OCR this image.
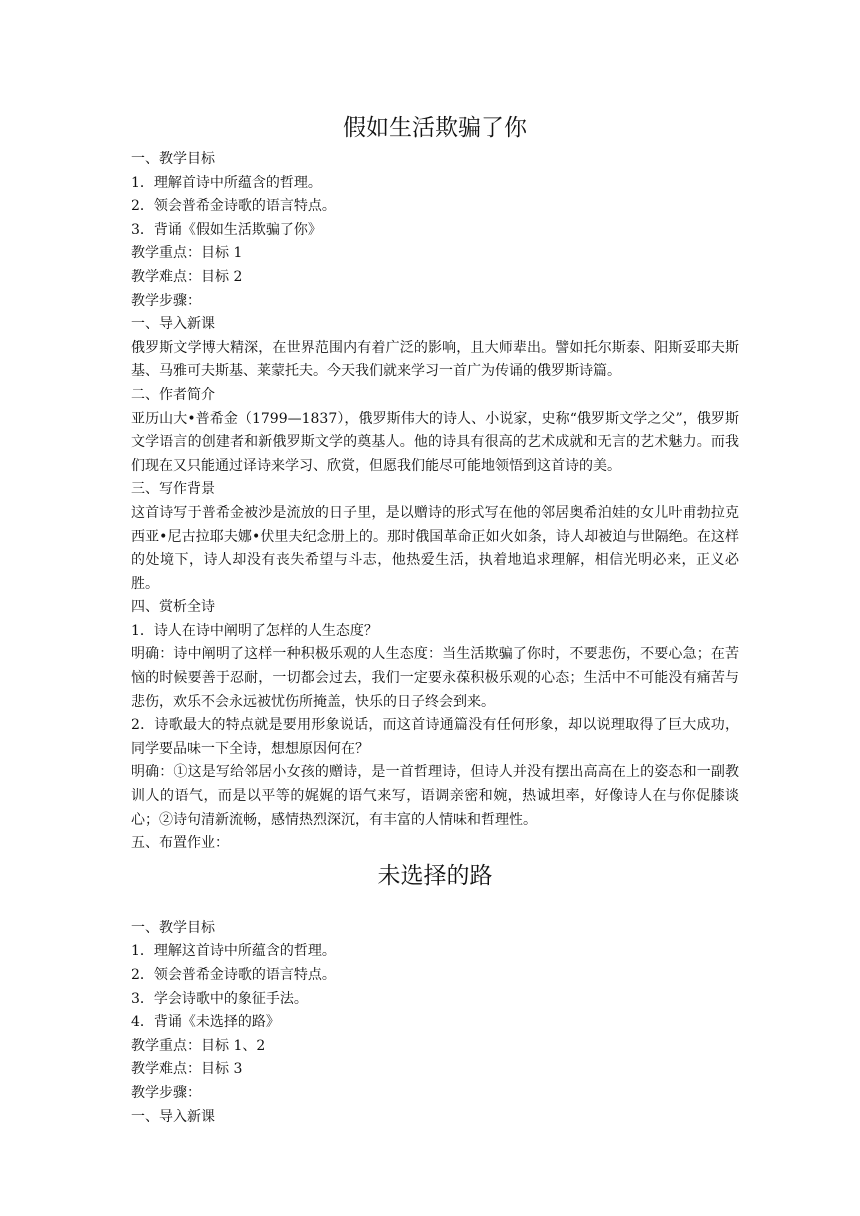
假如生活欺骗了你
一、教学目标
1．理解首诗中所蕴含的哲理。
2．领会普希金诗歌的语言特点。
3．背诵《假如生活欺骗了你》
教学重点：目标 1
教学难点：目标 2
教学步骤：
一、导入新课

俄罗斯文学博大精深，在世界范围内有着广泛的影响，且大师辈出。譬如托尔斯泰、阳斯妥耶夫斯基、马雅可夫斯基、莱蒙托夫。今天我们就来学习一首广为传诵的俄罗斯诗篇。

二、作者简介

亚历山大•普希金（1799—1837），俄罗斯伟大的诗人、小说家，史称“俄罗斯文学之父”，俄罗斯文学语言的创建者和新俄罗斯文学的奠基人。他的诗具有很高的艺术成就和无言的艺术魅力。而我们现在又只能通过译诗来学习、欣赏，但愿我们能尽可能地领悟到这首诗的美。

三、写作背景

这首诗写于普希金被沙是流放的日子里，是以赠诗的形式写在他的邻居奥希泊娃的女儿叶甫勃拉克西亚•尼古拉耶夫娜•伏里夫纪念册上的。那时俄国革命正如火如条，诗人却被迫与世隔绝。在这样的处境下，诗人却没有丧失希望与斗志，他热爱生活，执着地追求理解，相信光明必来，正义必胜。

四、赏析全诗
1．诗人在诗中阐明了怎样的人生态度？

明确：诗中阐明了这样一种积极乐观的人生态度：当生活欺骗了你时，不要悲伤，不要心急；在苦恼的时候要善于忍耐，一切都会过去，我们一定要永葆积极乐观的心态；生活中不可能没有痛苦与悲伤，欢乐不会永远被忧伤所掩盖，快乐的日子终会到来。

2．诗歌最大的特点就是要用形象说话，而这首诗通篇没有任何形象，却以说理取得了巨大成功，同学要品味一下全诗，想想原因何在？

明确：①这是写给邻居小女孩的赠诗，是一首哲理诗，但诗人并没有摆出高高在上的姿态和一副教训人的语气，而是以平等的娓娓的语气来写，语调亲密和婉，热诚坦率，好像诗人在与你促膝谈心；②诗句清新流畅，感情热烈深沉，有丰富的人情味和哲理性。

五、布置作业：
未选择的路
一、教学目标
1．理解这首诗中所蕴含的哲理。
2．领会普希金诗歌的语言特点。
3．学会诗歌中的象征手法。
4．背诵《未选择的路》
教学重点：目标 1、2
教学难点：目标 3
教学步骤：
一、导入新课
